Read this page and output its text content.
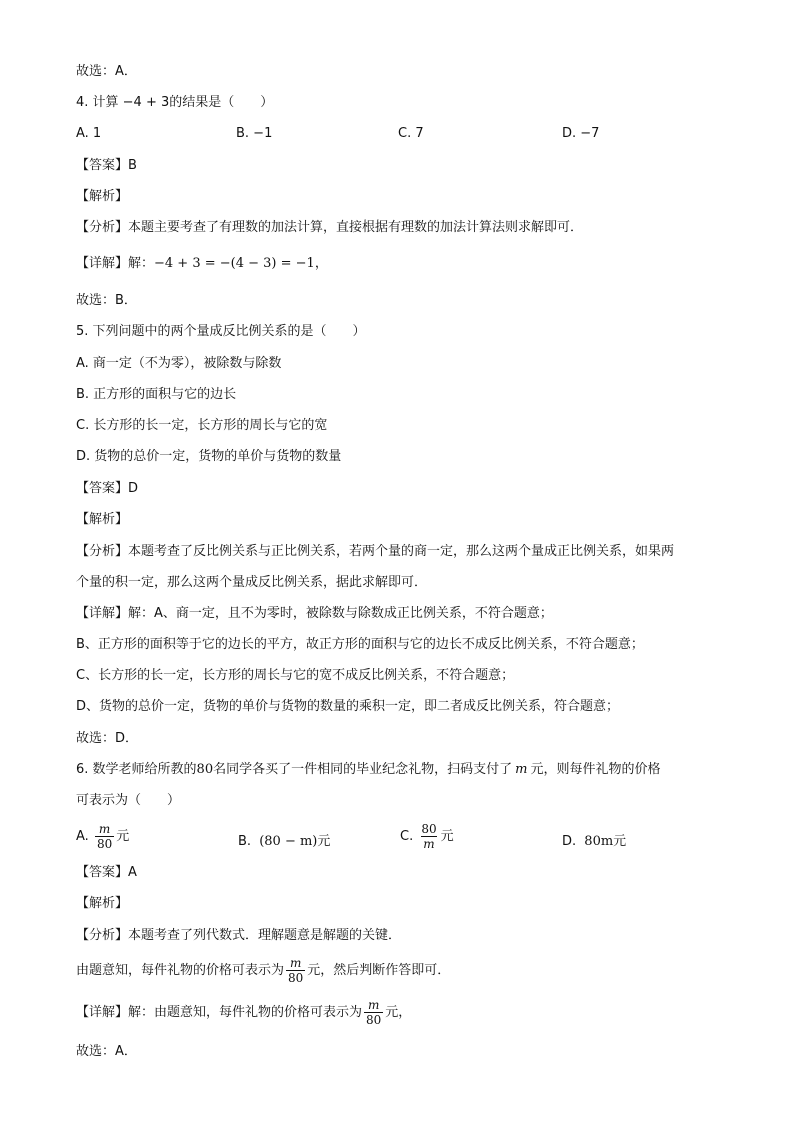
故选：A．
4. 计算 −4 + 3的结果是（　　）
A. 1	B. −1	C. 7	D. −7
【答案】B
【解析】
【分析】本题主要考查了有理数的加法计算，直接根据有理数的加法计算法则求解即可．
【详解】解：−4 + 3 = −(4 − 3) = −1，
故选：B．
5. 下列问题中的两个量成反比例关系的是（　　）
A. 商一定（不为零），被除数与除数
B. 正方形的面积与它的边长
C. 长方形的长一定，长方形的周长与它的宽
D. 货物的总价一定，货物的单价与货物的数量
【答案】D
【解析】
【分析】本题考查了反比例关系与正比例关系，若两个量的商一定，那么这两个量成正比例关系，如果两
个量的积一定，那么这两个量成反比例关系，据此求解即可．
【详解】解：A、商一定，且不为零时，被除数与除数成正比例关系，不符合题意；
B、正方形的面积等于它的边长的平方，故正方形的面积与它的边长不成反比例关系，不符合题意；
C、长方形的长一定，长方形的周长与它的宽不成反比例关系，不符合题意；
D、货物的总价一定，货物的单价与货物的数量的乘积一定，即二者成反比例关系，符合题意；
故选：D．
6. 数学老师给所教的80名同学各买了一件相同的毕业纪念礼物，扫码支付了 m 元，则每件礼物的价格
可表示为（　　）
A. $\frac{m}{80}$ 元	B. (80 − m)元	C. $\frac{80}{m}$ 元	D. 80m元
【答案】A
【解析】
【分析】本题考查了列代数式．理解题意是解题的关键．
由题意知，每件礼物的价格可表示为 $\frac{m}{80}$ 元，然后判断作答即可．
【详解】解：由题意知，每件礼物的价格可表示为 $\frac{m}{80}$ 元，
故选：A．
